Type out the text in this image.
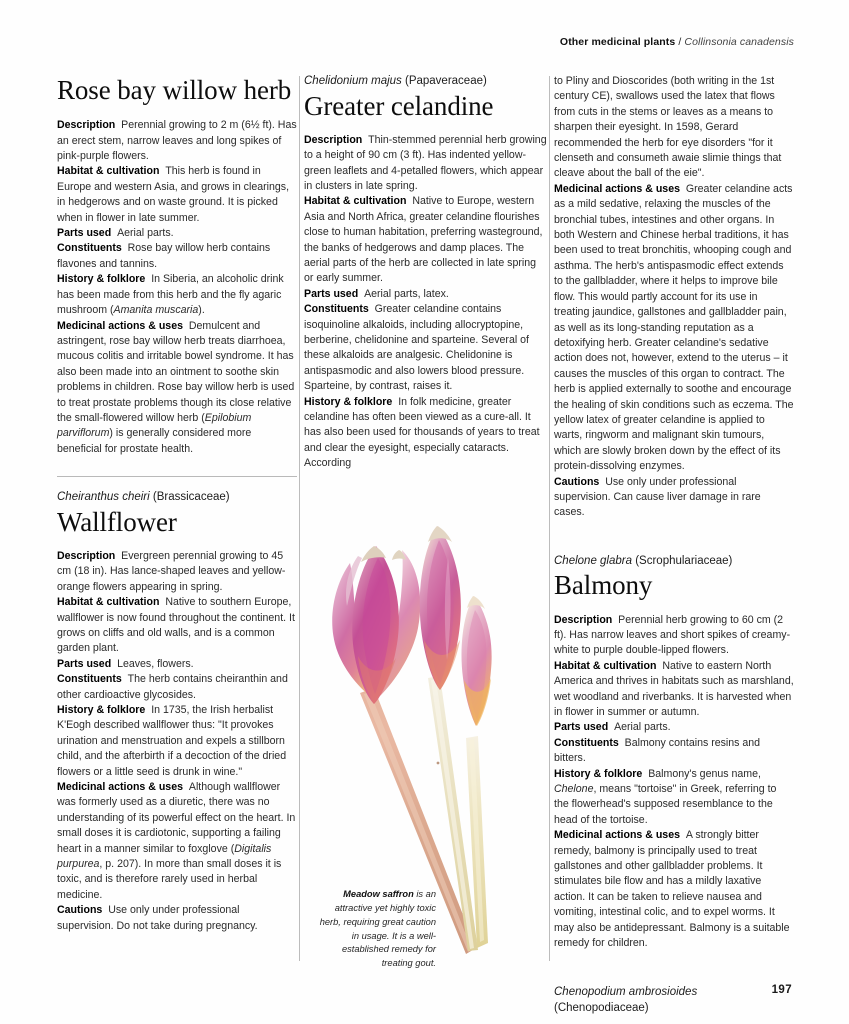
Other medicinal plants / Collinsonia canadensis
Rose bay willow herb

Description Perennial growing to 2 m (6½ ft). Has an erect stem, narrow leaves and long spikes of pink-purple flowers.

Habitat & cultivation This herb is found in Europe and western Asia, and grows in clearings, in hedgerows and on waste ground. It is picked when in flower in late summer.

Parts used Aerial parts.

Constituents Rose bay willow herb contains flavones and tannins.

History & folklore In Siberia, an alcoholic drink has been made from this herb and the fly agaric mushroom (Amanita muscaria).

Medicinal actions & uses Demulcent and astringent, rose bay willow herb treats diarrhoea, mucous colitis and irritable bowel syndrome. It has also been made into an ointment to soothe skin problems in children. Rose bay willow herb is used to treat prostate problems though its close relative the small-flowered willow herb (Epilobium parviflorum) is generally considered more beneficial for prostate health.

Cheiranthus cheiri (Brassicaceae)
Wallflower

Description Evergreen perennial growing to 45 cm (18 in). Has lance-shaped leaves and yellow-orange flowers appearing in spring.

Habitat & cultivation Native to southern Europe, wallflower is now found throughout the continent. It grows on cliffs and old walls, and is a common garden plant.

Parts used Leaves, flowers.

Constituents The herb contains cheiranthin and other cardioactive glycosides.

History & folklore In 1735, the Irish herbalist K'Eogh described wallflower thus: "It provokes urination and menstruation and expels a stillborn child, and the afterbirth if a decoction of the dried flowers or a little seed is drunk in wine."

Medicinal actions & uses Although wallflower was formerly used as a diuretic, there was no understanding of its powerful effect on the heart. In small doses it is cardiotonic, supporting a failing heart in a manner similar to foxglove (Digitalis purpurea, p. 207). In more than small doses it is toxic, and is therefore rarely used in herbal medicine.

Cautions Use only under professional supervision. Do not take during pregnancy.

Chelidonium majus (Papaveraceae)
Greater celandine

Description Thin-stemmed perennial herb growing to a height of 90 cm (3 ft). Has indented yellow-green leaflets and 4-petalled flowers, which appear in clusters in late spring.

Habitat & cultivation Native to Europe, western Asia and North Africa, greater celandine flourishes close to human habitation, preferring wasteground, the banks of hedgerows and damp places. The aerial parts of the herb are collected in late spring or early summer.

Parts used Aerial parts, latex.

Constituents Greater celandine contains isoquinoline alkaloids, including allocryptopine, berberine, chelidonine and sparteine. Several of these alkaloids are analgesic. Chelidonine is antispasmodic and also lowers blood pressure. Sparteine, by contrast, raises it.

History & folklore In folk medicine, greater celandine has often been viewed as a cure-all. It has also been used for thousands of years to treat and clear the eyesight, especially cataracts. According

Meadow saffron is an attractive yet highly toxic herb, requiring great caution in usage. It is a well-established remedy for treating gout.

to Pliny and Dioscorides (both writing in the 1st century CE), swallows used the latex that flows from cuts in the stems or leaves as a means to sharpen their eyesight. In 1598, Gerard recommended the herb for eye disorders "for it clenseth and consumeth awaie slimie things that cleave about the ball of the eie".

Medicinal actions & uses Greater celandine acts as a mild sedative, relaxing the muscles of the bronchial tubes, intestines and other organs. In both Western and Chinese herbal traditions, it has been used to treat bronchitis, whooping cough and asthma. The herb's antispasmodic effect extends to the gallbladder, where it helps to improve bile flow. This would partly account for its use in treating jaundice, gallstones and gallbladder pain, as well as its long-standing reputation as a detoxifying herb. Greater celandine's sedative action does not, however, extend to the uterus – it causes the muscles of this organ to contract. The herb is applied externally to soothe and encourage the healing of skin conditions such as eczema. The yellow latex of greater celandine is applied to warts, ringworm and malignant skin tumours, which are slowly broken down by the effect of its protein-dissolving enzymes.

Cautions Use only under professional supervision. Can cause liver damage in rare cases.

Chelone glabra (Scrophulariaceae)
Balmony

Description Perennial herb growing to 60 cm (2 ft). Has narrow leaves and short spikes of creamy-white to purple double-lipped flowers.

Habitat & cultivation Native to eastern North America and thrives in habitats such as marshland, wet woodland and riverbanks. It is harvested when in flower in summer or autumn.

Parts used Aerial parts.

Constituents Balmony contains resins and bitters.

History & folklore Balmony's genus name, Chelone, means "tortoise" in Greek, referring to the flowerhead's supposed resemblance to the head of the tortoise.

Medicinal actions & uses A strongly bitter remedy, balmony is principally used to treat gallstones and other gallbladder problems. It stimulates bile flow and has a mildly laxative action. It can be taken to relieve nausea and vomiting, intestinal colic, and to expel worms. It may also be antidepressant. Balmony is a suitable remedy for children.

Chenopodium ambrosioides (Chenopodiaceae)
197
